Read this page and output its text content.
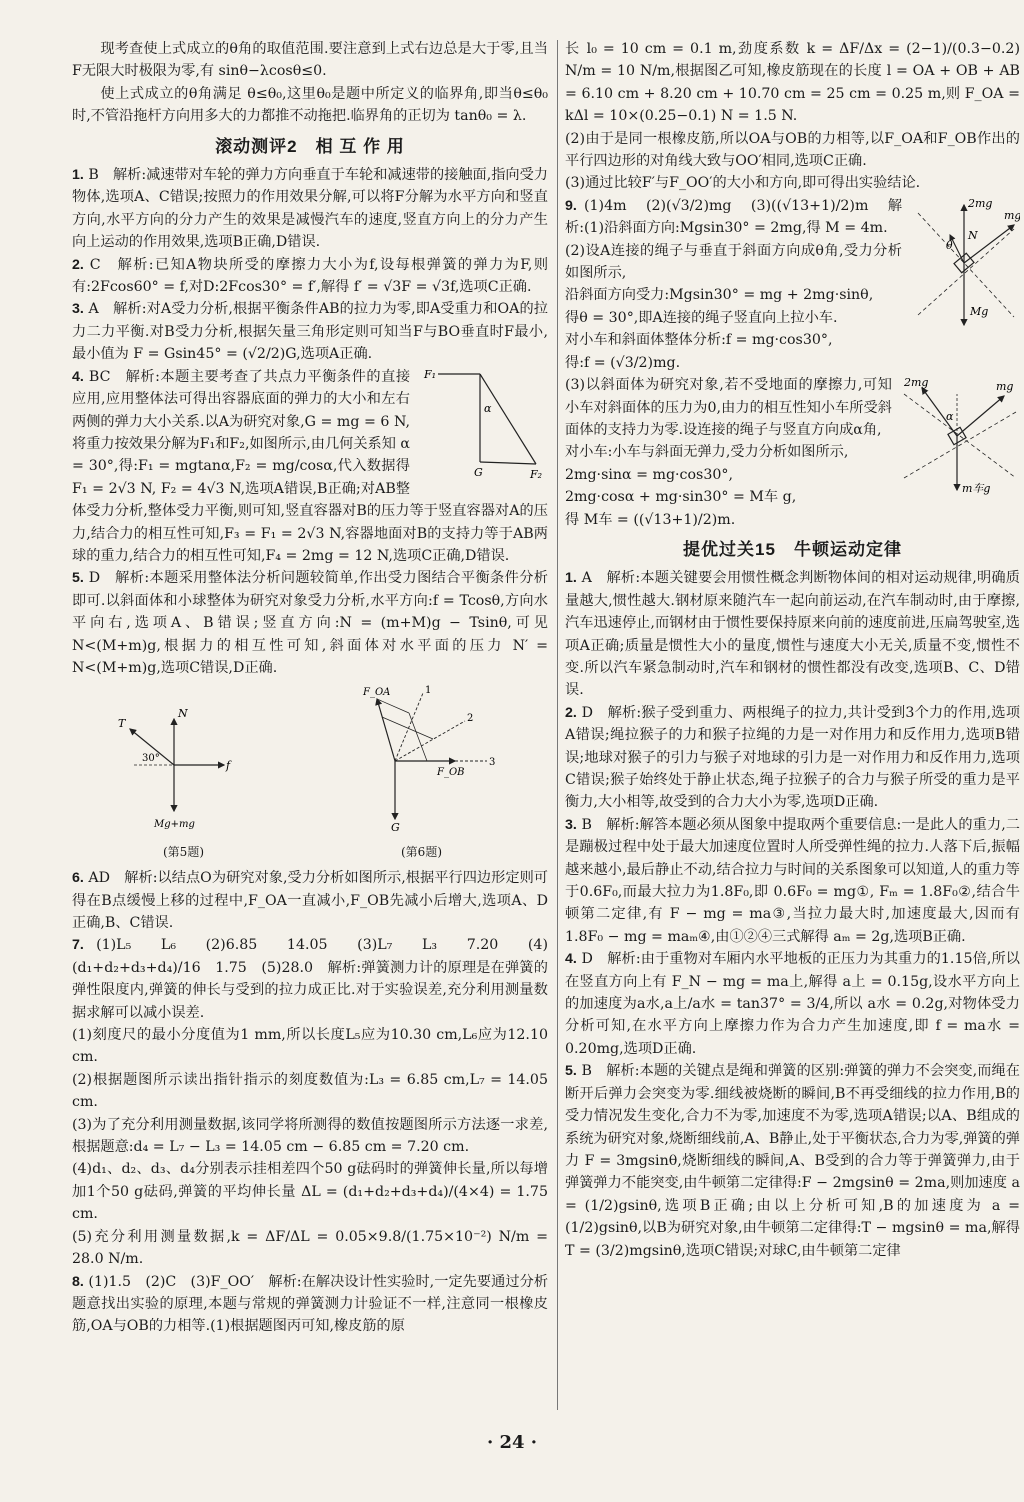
现考查使上式成立的θ角的取值范围.要注意到上式右边总是大于零,且当F无限大时极限为零,有 sinθ−λcosθ≤0.

使上式成立的θ角满足 θ≤θ₀,这里θ₀是题中所定义的临界角,即当θ≤θ₀时,不管沿拖杆方向用多大的力都推不动拖把.临界角的正切为 tanθ₀ = λ.

滚动测评2　相 互 作 用

1. B　解析:减速带对车轮的弹力方向垂直于车轮和减速带的接触面,指向受力物体,选项A、C错误;按照力的作用效果分解,可以将F分解为水平方向和竖直方向,水平方向的分力产生的效果是减慢汽车的速度,竖直方向上的分力产生向上运动的作用效果,选项B正确,D错误.

2. C　解析:已知A物块所受的摩擦力大小为f,设每根弹簧的弹力为F,则有:2Fcos60° = f,对D:2Fcos30° = f′,解得 f′ = √3F = √3f,选项C正确.

3. A　解析:对A受力分析,根据平衡条件AB的拉力为零,即A受重力和OA的拉力二力平衡.对B受力分析,根据矢量三角形定则可知当F与BO垂直时F最小,最小值为 F = Gsin45° = (√2/2)G,选项A正确.

F₁
α
G	F₂

4. BC　解析:本题主要考查了共点力平衡条件的直接应用,应用整体法可得出容器底面的弹力的大小和左右两侧的弹力大小关系.以A为研究对象,G = mg = 6 N,将重力按效果分解为F₁和F₂,如图所示,由几何关系知 α = 30°,得:F₁ = mgtanα,F₂ = mg/cosα,代入数据得 F₁ = 2√3 N, F₂ = 4√3 N,选项A错误,B正确;对AB整体受力分析,整体受力平衡,则可知,竖直容器对B的压力等于竖直容器对A的压力,结合力的相互性可知,F₃ = F₁ = 2√3 N,容器地面对B的支持力等于AB两球的重力,结合力的相互性可知,F₄ = 2mg = 12 N,选项C正确,D错误.

5. D　解析:本题采用整体法分析问题较简单,作出受力图结合平衡条件分析即可.以斜面体和小球整体为研究对象受力分析,水平方向:f = Tcosθ,方向水平向右,选项A、B错误;竖直方向:N = (m+M)g − Tsinθ,可见 N<(M+m)g,根据力的相互性可知,斜面体对水平面的压力 N′ = N<(M+m)g,选项C错误,D正确.

N
T
30°
f
Mg+mg
(第5题)
F_OA	1
2
3
F_OB
G
(第6题)

6. AD　解析:以结点O为研究对象,受力分析如图所示,根据平行四边形定则可得在B点缓慢上移的过程中,F_OA一直减小,F_OB先减小后增大,选项A、D正确,B、C错误.

7. (1)L₅　L₆　(2)6.85　14.05　(3)L₇　L₃　7.20　(4)(d₁+d₂+d₃+d₄)/16　1.75　(5)28.0　解析:弹簧测力计的原理是在弹簧的弹性限度内,弹簧的伸长与受到的拉力成正比.对于实验误差,充分利用测量数据求解可以减小误差.

(1)刻度尺的最小分度值为1 mm,所以长度L₅应为10.30 cm,L₆应为12.10 cm.

(2)根据题图所示读出指针指示的刻度数值为:L₃ = 6.85 cm,L₇ = 14.05 cm.

(3)为了充分利用测量数据,该同学将所测得的数值按题图所示方法逐一求差,根据题意:d₄ = L₇ − L₃ = 14.05 cm − 6.85 cm = 7.20 cm.

(4)d₁、d₂、d₃、d₄分别表示挂相差四个50 g砝码时的弹簧伸长量,所以每增加1个50 g砝码,弹簧的平均伸长量 ΔL = (d₁+d₂+d₃+d₄)/(4×4) = 1.75 cm.

(5)充分利用测量数据,k = ΔF/ΔL = 0.05×9.8/(1.75×10⁻²) N/m = 28.0 N/m.

8. (1)1.5　(2)C　(3)F_OO′　解析:在解决设计性实验时,一定先要通过分析题意找出实验的原理,本题与常规的弹簧测力计验证不一样,注意同一根橡皮筋,OA与OB的力相等.(1)根据题图丙可知,橡皮筋的原

长 l₀ = 10 cm = 0.1 m,劲度系数 k = ΔF/Δx = (2−1)/(0.3−0.2) N/m = 10 N/m,根据图乙可知,橡皮筋现在的长度 l = OA + OB + AB = 6.10 cm + 8.20 cm + 10.70 cm = 25 cm = 0.25 m,则 F_OA = kΔl = 10×(0.25−0.1) N = 1.5 N.

(2)由于是同一根橡皮筋,所以OA与OB的力相等,以F_OA和F_OB作出的平行四边形的对角线大致与OO′相同,选项C正确.

(3)通过比较F′与F_OO′的大小和方向,即可得出实验结论.

2mg
mg
θ
N
Mg

9. (1)4m　(2)(√3/2)mg　(3)((√13+1)/2)m　解析:(1)沿斜面方向:Mgsin30° = 2mg,得 M = 4m.

(2)设A连接的绳子与垂直于斜面方向成θ角,受力分析如图所示,

沿斜面方向受力:Mgsin30° = mg + 2mg·sinθ,

得θ = 30°,即A连接的绳子竖直向上拉小车.

对小车和斜面体整体分析:f = mg·cos30°,

得:f = (√3/2)mg.

2mg	mg
α
m车g

(3)以斜面体为研究对象,若不受地面的摩擦力,可知小车对斜面体的压力为0,由力的相互性知小车所受斜面体的支持力为零.设连接的绳子与竖直方向成α角,

对小车:小车与斜面无弹力,受力分析如图所示,

2mg·sinα = mg·cos30°,

2mg·cosα + mg·sin30° = M车 g,

得 M车 = ((√13+1)/2)m.

提优过关15　牛顿运动定律

1. A　解析:本题关键要会用惯性概念判断物体间的相对运动规律,明确质量越大,惯性越大.钢材原来随汽车一起向前运动,在汽车制动时,由于摩擦,汽车迅速停止,而钢材由于惯性要保持原来向前的速度前进,压扁驾驶室,选项A正确;质量是惯性大小的量度,惯性与速度大小无关,质量不变,惯性不变.所以汽车紧急制动时,汽车和钢材的惯性都没有改变,选项B、C、D错误.

2. D　解析:猴子受到重力、两根绳子的拉力,共计受到3个力的作用,选项A错误;绳拉猴子的力和猴子拉绳的力是一对作用力和反作用力,选项B错误;地球对猴子的引力与猴子对地球的引力是一对作用力和反作用力,选项C错误;猴子始终处于静止状态,绳子拉猴子的合力与猴子所受的重力是平衡力,大小相等,故受到的合力大小为零,选项D正确.

3. B　解析:解答本题必须从图象中提取两个重要信息:一是此人的重力,二是蹦极过程中处于最大加速度位置时人所受弹性绳的拉力.人落下后,振幅越来越小,最后静止不动,结合拉力与时间的关系图象可以知道,人的重力等于0.6F₀,而最大拉力为1.8F₀,即 0.6F₀ = mg①, Fₘ = 1.8F₀②,结合牛顿第二定律,有 F − mg = ma③,当拉力最大时,加速度最大,因而有 1.8F₀ − mg = maₘ④,由①②④三式解得 aₘ = 2g,选项B正确.

4. D　解析:由于重物对车厢内水平地板的正压力为其重力的1.15倍,所以在竖直方向上有 F_N − mg = ma上,解得 a上 = 0.15g,设水平方向上的加速度为a水,a上/a水 = tan37° = 3/4,所以 a水 = 0.2g,对物体受力分析可知,在水平方向上摩擦力作为合力产生加速度,即 f = ma水 = 0.20mg,选项D正确.

5. B　解析:本题的关键点是绳和弹簧的区别:弹簧的弹力不会突变,而绳在断开后弹力会突变为零.细线被烧断的瞬间,B不再受细线的拉力作用,B的受力情况发生变化,合力不为零,加速度不为零,选项A错误;以A、B组成的系统为研究对象,烧断细线前,A、B静止,处于平衡状态,合力为零,弹簧的弹力 F = 3mgsinθ,烧断细线的瞬间,A、B受到的合力等于弹簧弹力,由于弹簧弹力不能突变,由牛顿第二定律得:F − 2mgsinθ = 2ma,则加速度 a = (1/2)gsinθ,选项B正确;由以上分析可知,B的加速度为 a = (1/2)gsinθ,以B为研究对象,由牛顿第二定律得:T − mgsinθ = ma,解得 T = (3/2)mgsinθ,选项C错误;对球C,由牛顿第二定律

· 24 ·
